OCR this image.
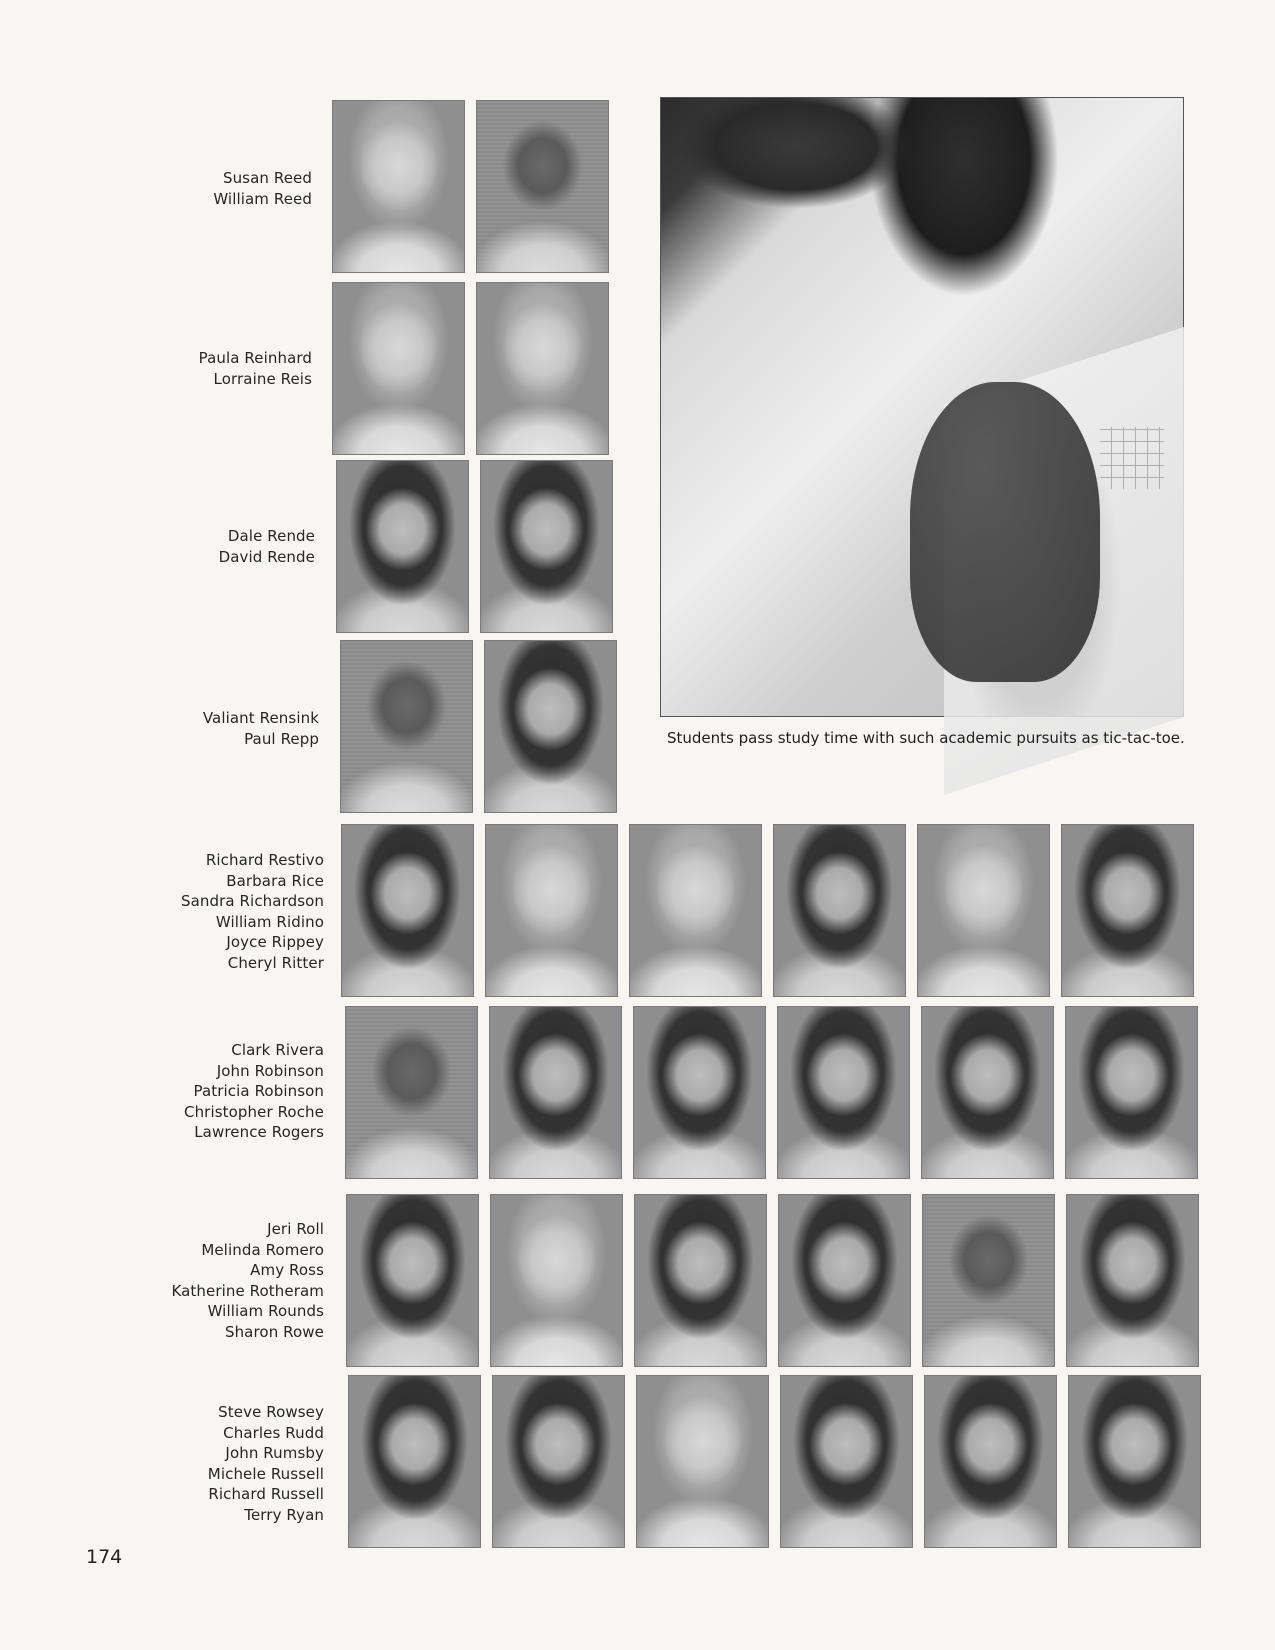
Susan Reed
William Reed
Paula Reinhard
Lorraine Reis
Dale Rende
David Rende
Valiant Rensink
Paul Repp	Students pass study time with such academic pursuits as tic-tac-toe.
Richard Restivo
Barbara Rice
Sandra Richardson
William Ridino
Joyce Rippey
Cheryl Ritter
Clark Rivera
John Robinson
Patricia Robinson
Christopher Roche
Lawrence Rogers
Jeri Roll
Melinda Romero
Amy Ross
Katherine Rotheram
William Rounds
Sharon Rowe
Steve Rowsey
Charles Rudd
John Rumsby
Michele Russell
Richard Russell
Terry Ryan
174
